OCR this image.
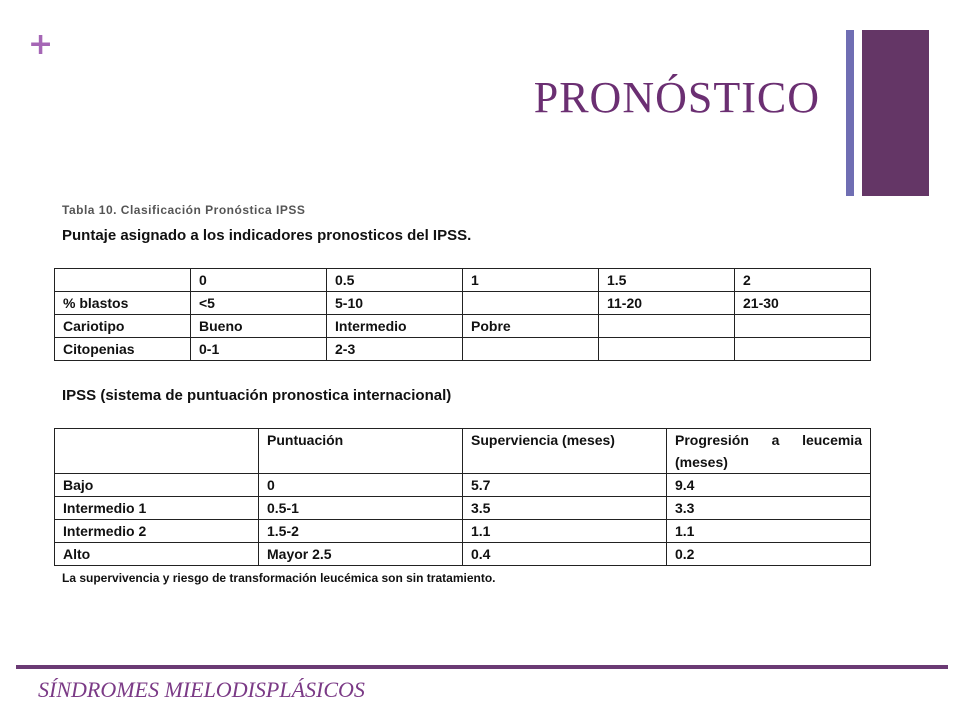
+
PRONÓSTICO
Tabla 10. Clasificación Pronóstica IPSS
Puntaje asignado a los indicadores pronosticos del IPSS.
	0	0.5	1	1.5	2
% blastos	<5	5-10		11-20	21-30
Cariotipo	Bueno	Intermedio	Pobre		
Citopenias	0-1	2-3			
IPSS (sistema de puntuación pronostica internacional)
	Puntuación	Superviencia (meses)	Progresión a leucemia (meses)
Bajo	0	5.7	9.4
Intermedio 1	0.5-1	3.5	3.3
Intermedio 2	1.5-2	1.1	1.1
Alto	Mayor 2.5	0.4	0.2
La supervivencia y riesgo de transformación leucémica son sin tratamiento.
SÍNDROMES MIELODISPLÁSICOS
